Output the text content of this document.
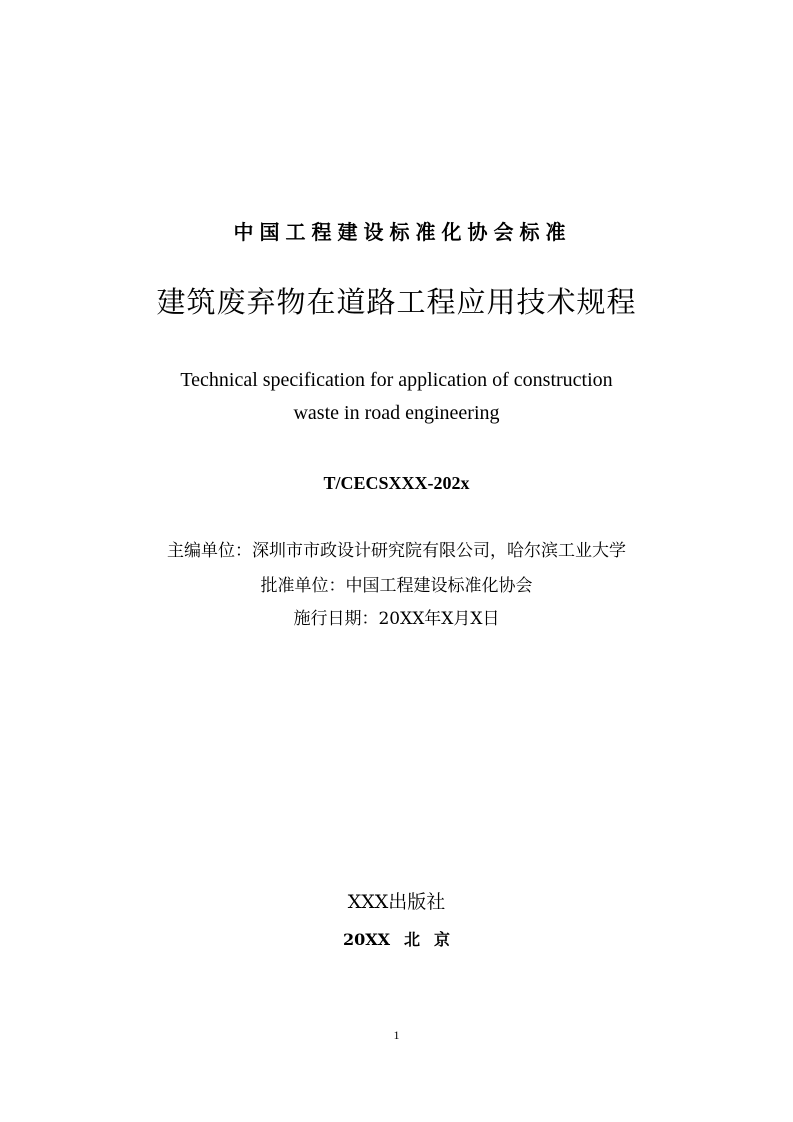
中国工程建设标准化协会标准
建筑废弃物在道路工程应用技术规程
Technical specification for application of construction
waste in road engineering
T/CECSXXX-202x
主编单位：深圳市市政设计研究院有限公司，哈尔滨工业大学
批准单位：中国工程建设标准化协会
施行日期：20XX年X月X日
XXX出版社
20XX 北 京
1
